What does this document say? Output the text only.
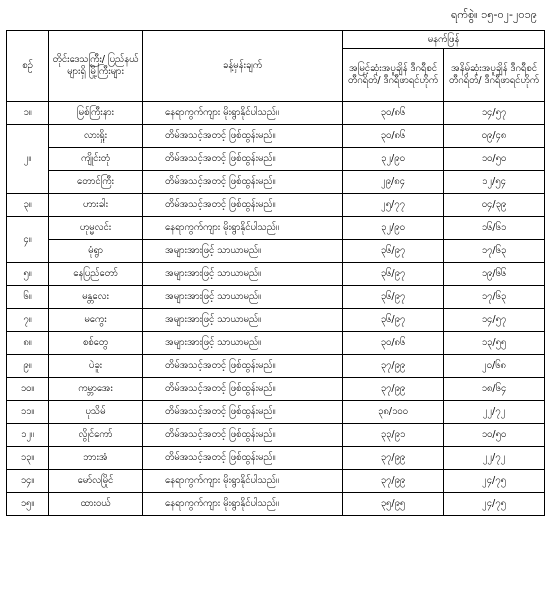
ရက်စွဲ။ ၁၅-၀၂-၂၀၁၉
စဉ်	တိုင်းဒေသကြီး/ ပြည်နယ်များရှိ မြို့ကြီးများ	ခန့်မှန်းချက်	မနက်ဖြန်	
			အမြင့်ဆုံးအပူချိန် ဒီဂရီစင်တီဂရိတ်/ ဒီဂရီဖာရင်ဟိုက်	အနိမ့်ဆုံးအပူချိန် ဒီဂရီစင်တီဂရိတ်/ ဒီဂရီဖာရင်ဟိုက်
၁။	မြစ်ကြီးနား	နေရာကွက်ကျား မိုးရွာနိုင်ပါသည်။	၃၀/၈၆	၁၄/၅၇
၂။	လားရှိုး	တိမ်အသင့်အတင့် ဖြစ်ထွန်းမည်။	၃၀/၈၆	၀၉/၄၈
	ကျိုင်းတုံ	တိမ်အသင့်အတင့် ဖြစ်ထွန်းမည်။	၃၂/၉၀	၁၀/၅၀
	တောင်ကြီး	တိမ်အသင့်အတင့် ဖြစ်ထွန်းမည်။	၂၉/၈၄	၁၂/၅၄
၃။	ဟားခါး	တိမ်အသင့်အတင့် ဖြစ်ထွန်းမည်။	၂၅/၇၇	၀၄/၃၉
၄။	ဟုမ္မလင်း	နေရာကွက်ကျား မိုးရွာနိုင်ပါသည်။	၃၂/၉၀	၁၆/၆၁
	မုံရွာ	အများအားဖြင့် သာယာမည်။	၃၆/၉၇	၁၇/၆၃
၅။	နေပြည်တော်	အများအားဖြင့် သာယာမည်။	၃၆/၉၇	၁၉/၆၆
၆။	မန္တလေး	အများအားဖြင့် သာယာမည်။	၃၆/၉၇	၁၇/၆၃
၇။	မကွေး	အများအားဖြင့် သာယာမည်။	၃၆/၉၇	၁၄/၅၇
၈။	စစ်တွေ	အများအားဖြင့် သာယာမည်။	၃၀/၈၆	၁၃/၅၅
၉။	ပဲခူး	တိမ်အသင့်အတင့် ဖြစ်ထွန်းမည်။	၃၇/၉၉	၂၀/၆၈
၁၀။	ကမ္ဘာအေး	တိမ်အသင့်အတင့် ဖြစ်ထွန်းမည်။	၃၇/၉၉	၁၈/၆၄
၁၁။	ပုသိမ်	တိမ်အသင့်အတင့် ဖြစ်ထွန်းမည်။	၃၈/၁၀၀	၂၂/၇၂
၁၂။	လွိုင်ကော်	တိမ်အသင့်အတင့် ဖြစ်ထွန်းမည်။	၃၃/၉၁	၁၀/၅၀
၁၃။	ဘားအံ	တိမ်အသင့်အတင့် ဖြစ်ထွန်းမည်။	၃၇/၉၉	၂၂/၇၂
၁၄။	မော်လမြိုင်	နေရာကွက်ကျား မိုးရွာနိုင်ပါသည်။	၃၇/၉၉	၂၄/၇၅
၁၅။	ထားဝယ်	နေရာကွက်ကျား မိုးရွာနိုင်ပါသည်။	၃၅/၉၅	၂၄/၇၅
